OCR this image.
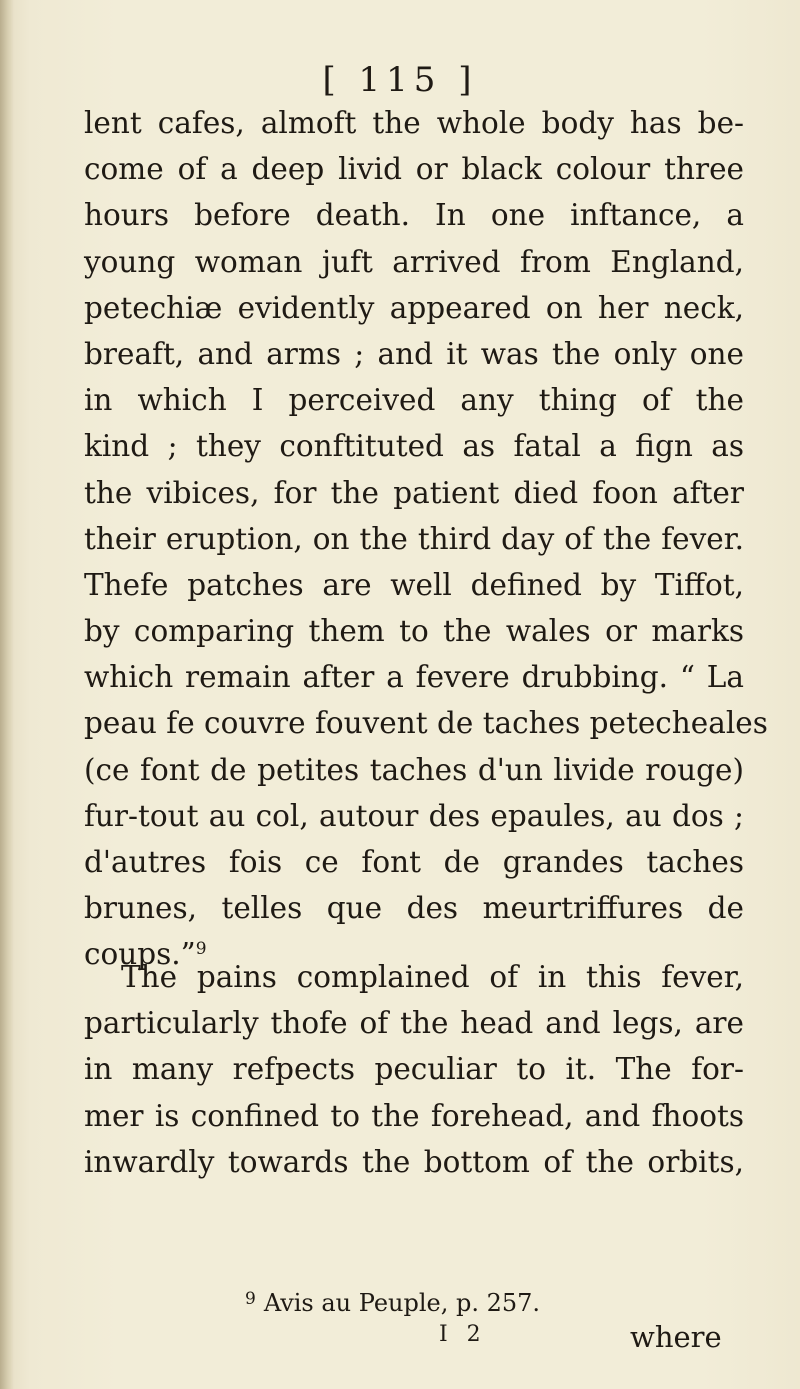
[ 115 ]
lent cafes, almoft the whole body has be-
come of a deep livid or black colour three
hours before death. In one inftance, a
young woman juft arrived from England,
petechiæ evidently appeared on her neck,
breaft, and arms ; and it was the only one
in which I perceived any thing of the
kind ; they conftituted as fatal a fign as
the vibices, for the patient died foon after
their eruption, on the third day of the fever.
Thefe patches are well defined by Tiffot,
by comparing them to the wales or marks
which remain after a fevere drubbing. “ La
peau fe couvre fouvent de taches petecheales
(ce font de petites taches d'un livide rouge)
fur-tout au col, autour des epaules, au dos ;
d'autres fois ce font de grandes taches
brunes, telles que des meurtriffures de
coups.”$^9$
The pains complained of in this fever,
particularly thofe of the head and legs, are
in many refpects peculiar to it. The for-
mer is confined to the forehead, and fhoots
inwardly towards the bottom of the orbits,
$^9$ Avis au Peuple, p. 257.
I 2	where
